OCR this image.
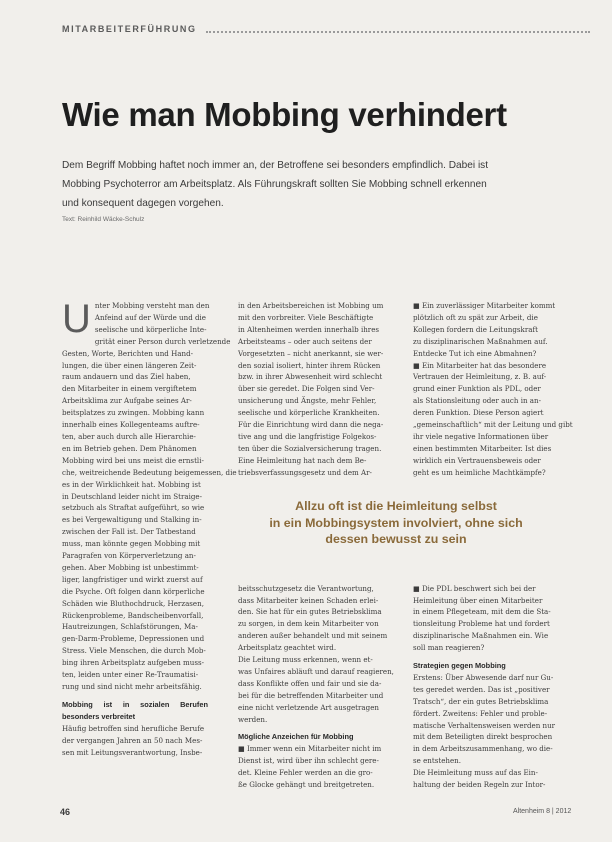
MITARBEITERFÜHRUNG
Wie man Mobbing verhindert

Dem Begriff Mobbing haftet noch immer an, der Betroffene sei besonders empfindlich. Dabei ist

Mobbing Psychoterror am Arbeitsplatz. Als Führungskraft sollten Sie Mobbing schnell erkennen

und konsequent dagegen vorgehen.

Text: Reinhild Wäcke-Schulz
U nter Mobbing versteht man den

Anfeind auf der Würde und die

seelische und körperliche Inte-

grität einer Person durch verletzende

Gesten, Worte, Berichten und Hand-

lungen, die über einen längeren Zeit-

raum andauern und das Ziel haben,

den Mitarbeiter in einem vergiftetem

Arbeitsklima zur Aufgabe seines Ar-

beitsplatzes zu zwingen. Mobbing kann

innerhalb eines Kollegenteams auftre-

ten, aber auch durch alle Hierarchie-

en im Betrieb gehen. Dem Phänomen

Mobbing wird bei uns meist die ernstli-

che, weitreichende Bedeutung beigemessen, die

es in der Wirklichkeit hat. Mobbing ist

in Deutschland leider nicht im Straige-

setzbuch als Straftat aufgeführt, so wie

es bei Vergewaltigung und Stalking in-

zwischen der Fall ist. Der Tatbestand

muss, man könnte gegen Mobbing mit

Paragrafen von Körperverletzung an-

gehen. Aber Mobbing ist unbestimmt-

liger, langfristiger und wirkt zuerst auf

die Psyche. Oft folgen dann körperliche

Schäden wie Bluthochdruck, Herzasen,

Rückenprobleme, Bandscheibenvorfall,

Hautreizungen, Schlafstörungen, Ma-

gen-Darm-Probleme, Depressionen und

Stress. Viele Menschen, die durch Mob-

bing ihren Arbeitsplatz aufgeben muss-

ten, leiden unter einer Re-Traumatisi-

rung und sind nicht mehr arbeitsfähig.

Mobbing ist in sozialen Berufen besonders verbreitet

Häufig betroffen sind herufliche Berufe

der vergangen Jahren an 50 nach Mes-

sen mit Leitungsverantwortung, Insbe-

in den Arbeitsbereichen ist Mobbing um

mit den vorbreiter. Viele Beschäftigte

in Altenheimen werden innerhalb ihres

Arbeitsteams – oder auch seitens der

Vorgesetzten – nicht anerkannt, sie wer-

den sozial isoliert, hinter ihrem Rücken

bzw. in ihrer Abwesenheit wird schlecht

über sie geredet. Die Folgen sind Ver-

unsicherung und Ängste, mehr Fehler,

seelische und körperliche Krankheiten.

Für die Einrichtung wird dann die nega-

tive ang und die langfristige Folgekos-

ten über die Sozialversicherung tragen.

Eine Heimleitung hat nach dem Be-

triebsverfassungsgesetz und dem Ar-

beitsschutzgesetz die Verantwortung,

dass Mitarbeiter keinen Schaden erlei-

den. Sie hat für ein gutes Betriebsklima

zu sorgen, in dem kein Mitarbeiter von

anderen außer behandelt und mit seinem

Arbeitsplatz geachtet wird.

Die Leitung muss erkennen, wenn et-

was Unfaires abläuft und darauf reagieren,

dass Konflikte offen und fair und sie da-

bei für die betreffenden Mitarbeiter und

eine nicht verletzende Art ausgetragen

werden.

Mögliche Anzeichen für Mobbing

■ Immer wenn ein Mitarbeiter nicht im

Dienst ist, wird über ihn schlecht gere-

det. Kleine Fehler werden an die gro-

ße Glocke gehängt und breitgetreten.

■ Ein zuverlässiger Mitarbeiter kommt

plötzlich oft zu spät zur Arbeit, die

Kollegen fordern die Leitungskraft

zu disziplinarischen Maßnahmen auf.

Entdecke Tut ich eine Abmahnen?

■ Ein Mitarbeiter hat das besondere

Vertrauen der Heimleitung, z. B. auf-

grund einer Funktion als PDL, oder

als Stationsleitung oder auch in an-

deren Funktion. Diese Person agiert

„gemeinschaftlich“ mit der Leitung und gibt

ihr viele negative Informationen über

einen bestimmten Mitarbeiter. Ist dies

wirklich ein Vertrauensbeweis oder

geht es um heimliche Machtkämpfe?

■ Die PDL beschwert sich bei der

Heimleitung über einen Mitarbeiter

in einem Pflegeteam, mit dem die Sta-

tionsleitung Probleme hat und fordert

disziplinarische Maßnahmen ein. Wie

soll man reagieren?

Strategien gegen Mobbing

Erstens: Über Abwesende darf nur Gu-

tes geredet werden. Das ist „positiver

Tratsch“, der ein gutes Betriebsklima

fördert. Zweitens: Fehler und proble-

matische Verhaltensweisen werden nur

mit dem Beteiligten direkt besprochen

in dem Arbeitszusammenhang, wo die-

se entstehen.

Die Heimleitung muss auf das Ein-

haltung der beiden Regeln zur Intor-

Allzu oft ist die Heimleitung selbst

in ein Mobbingsystem involviert, ohne sich

dessen bewusst zu sein

46	Altenheim 8 | 2012
